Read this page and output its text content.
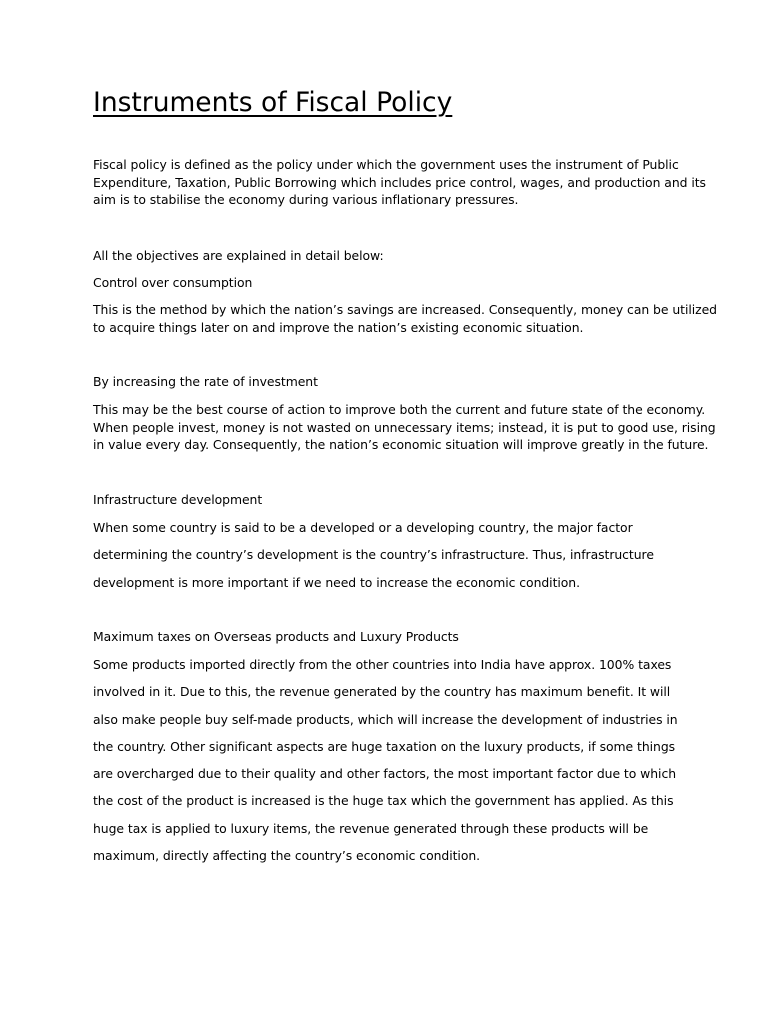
Instruments of Fiscal Policy

Fiscal policy is defined as the policy under which the government uses the instrument of Public
Expenditure, Taxation, Public Borrowing which includes price control, wages, and production and its
aim is to stabilise the economy during various inflationary pressures.

All the objectives are explained in detail below:

Control over consumption

This is the method by which the nation’s savings are increased. Consequently, money can be utilized
to acquire things later on and improve the nation’s existing economic situation.

By increasing the rate of investment

This may be the best course of action to improve both the current and future state of the economy.
When people invest, money is not wasted on unnecessary items; instead, it is put to good use, rising
in value every day. Consequently, the nation’s economic situation will improve greatly in the future.

Infrastructure development

When some country is said to be a developed or a developing country, the major factor
determining the country’s development is the country’s infrastructure. Thus, infrastructure
development is more important if we need to increase the economic condition.

Maximum taxes on Overseas products and Luxury Products

Some products imported directly from the other countries into India have approx. 100% taxes
involved in it. Due to this, the revenue generated by the country has maximum benefit. It will
also make people buy self-made products, which will increase the development of industries in
the country. Other significant aspects are huge taxation on the luxury products, if some things
are overcharged due to their quality and other factors, the most important factor due to which
the cost of the product is increased is the huge tax which the government has applied. As this
huge tax is applied to luxury items, the revenue generated through these products will be
maximum, directly affecting the country’s economic condition.
